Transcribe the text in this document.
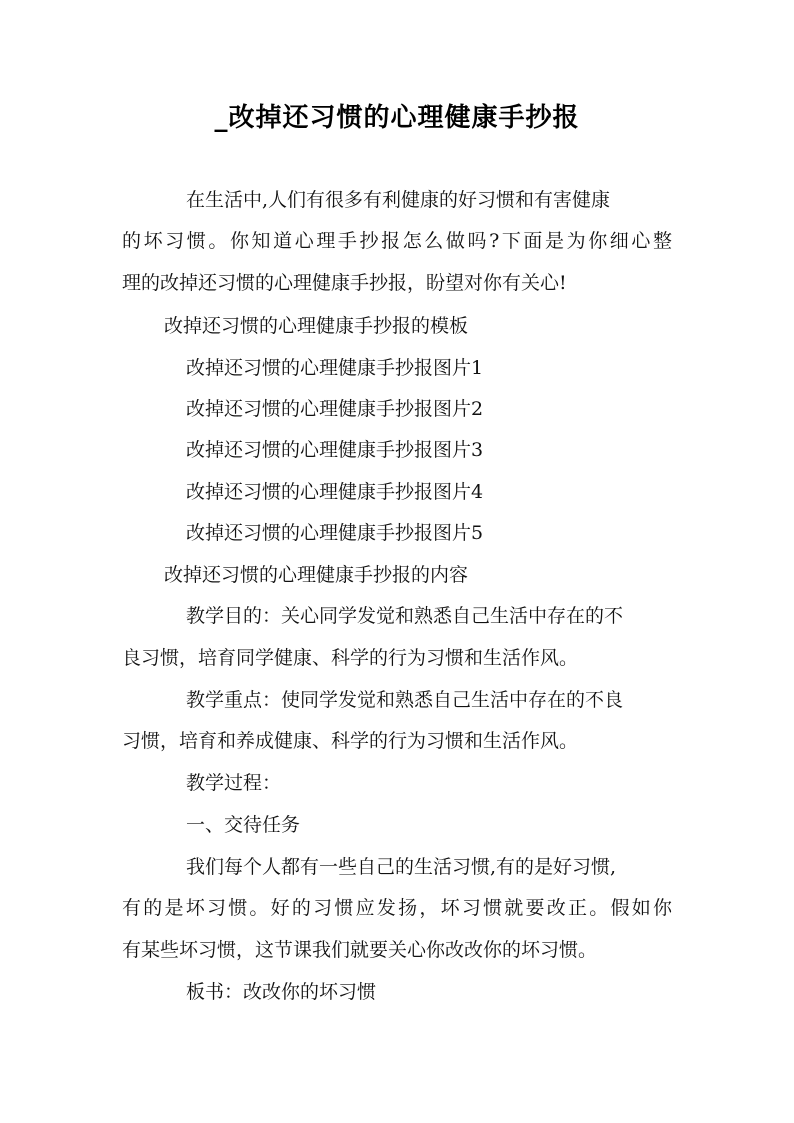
_改掉还习惯的心理健康手抄报
在生活中,人们有很多有利健康的好习惯和有害健康
的坏习惯。你知道心理手抄报怎么做吗?下面是为你细心整
理的改掉还习惯的心理健康手抄报，盼望对你有关心!
改掉还习惯的心理健康手抄报的模板
改掉还习惯的心理健康手抄报图片1
改掉还习惯的心理健康手抄报图片2
改掉还习惯的心理健康手抄报图片3
改掉还习惯的心理健康手抄报图片4
改掉还习惯的心理健康手抄报图片5
改掉还习惯的心理健康手抄报的内容
教学目的：关心同学发觉和熟悉自己生活中存在的不
良习惯，培育同学健康、科学的行为习惯和生活作风。
教学重点：使同学发觉和熟悉自己生活中存在的不良
习惯，培育和养成健康、科学的行为习惯和生活作风。
教学过程：
一、交待任务
我们每个人都有一些自己的生活习惯,有的是好习惯,
有的是坏习惯。好的习惯应发扬，坏习惯就要改正。假如你
有某些坏习惯，这节课我们就要关心你改改你的坏习惯。
板书：改改你的坏习惯
